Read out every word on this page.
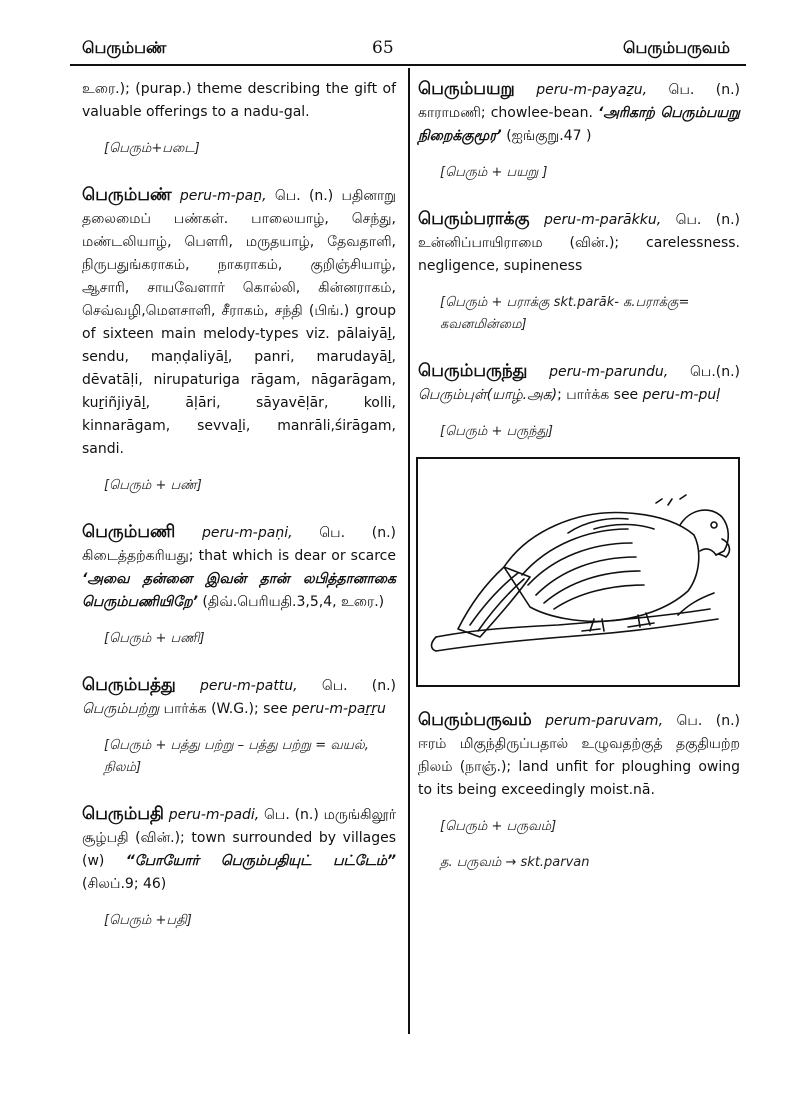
பெரும்பண்	65	பெரும்பருவம்

உரை.); (purap.) theme describing the gift of valuable offerings to a nadu-gal.

[பெரும்+படை]

பெரும்பண் peru-m-paṉ, பெ. (n.) பதினாறு தலைமைப் பண்கள். பாலையாழ், செந்து, மண்டலியாழ், பௌரி, மருதயாழ், தேவதாளி, நிருபதுங்கராகம், நாகராகம், குறிஞ்சியாழ், ஆசாரி, சாயவேளார் கொல்லி, கின்னராகம், செவ்வழி,மௌசாளி, சீராகம், சந்தி (பிங்.) group of sixteen main melody-types viz. pālaiyāḻ, sendu, maṇḍaliyāḻ, panri, marudayāḻ, dēvatāḷi, nirupaturiga rāgam, nāgarāgam, kuṟiñjiyāḻ, āḷāri, sāyavēḷār, kolli, kinnarāgam, sevvaḻi, manrāli,śirāgam, sandi.

[பெரும் + பண்]

பெரும்பணி peru-m-paṇi, பெ. (n.) கிடைத்தற்கரியது; that which is dear or scarce ‘அவை தன்னை இவன் தான் லபித்தானாகை பெரும்பணியிறே’ (திவ்.பெரியதி.3,5,4, உரை.)

[பெரும் + பணி]

பெரும்பத்து peru-m-pattu, பெ. (n.) பெரும்பற்று பார்க்க (W.G.); see peru-m-paṟṟu

[பெரும் + பத்து பற்று – பத்து பற்று = வயல், நிலம்]

பெரும்பதி peru-m-padi, பெ. (n.) மருங்கிலூர் சூழ்பதி (வின்.); town surrounded by villages (w) “போயோர் பெரும்பதியுட் பட்டேம்” (சிலப்.9; 46)

[பெரும் +பதி]

பெரும்பயறு peru-m-payaẕu, பெ. (n.) காராமணி; chowlee-bean. ‘அரிகாற் பெரும்பயறு நிறைக்குமூர’ (ஐங்குறு.47 )

[பெரும் + பயறு ]

பெரும்பராக்கு peru-m-parākku, பெ. (n.) உன்னிப்பாயிராமை (வின்.); carelessness. negligence, supineness

[பெரும் + பராக்கு skt.parāk- க.பராக்கு= கவனமின்மை]

பெரும்பருந்து peru-m-parundu, பெ.(n.) பெரும்புள்(யாழ்.அக); பார்க்க see peru-m-puḷ

[பெரும் + பருந்து]

பெரும்பருவம் perum-paruvam, பெ. (n.) ஈரம் மிகுந்திருப்பதால் உழுவதற்குத் தகுதியற்ற நிலம் (நாஞ்.); land unfit for ploughing owing to its being exceedingly moist.nā.

[பெரும் + பருவம்]

த. பருவம் → skt.parvan
